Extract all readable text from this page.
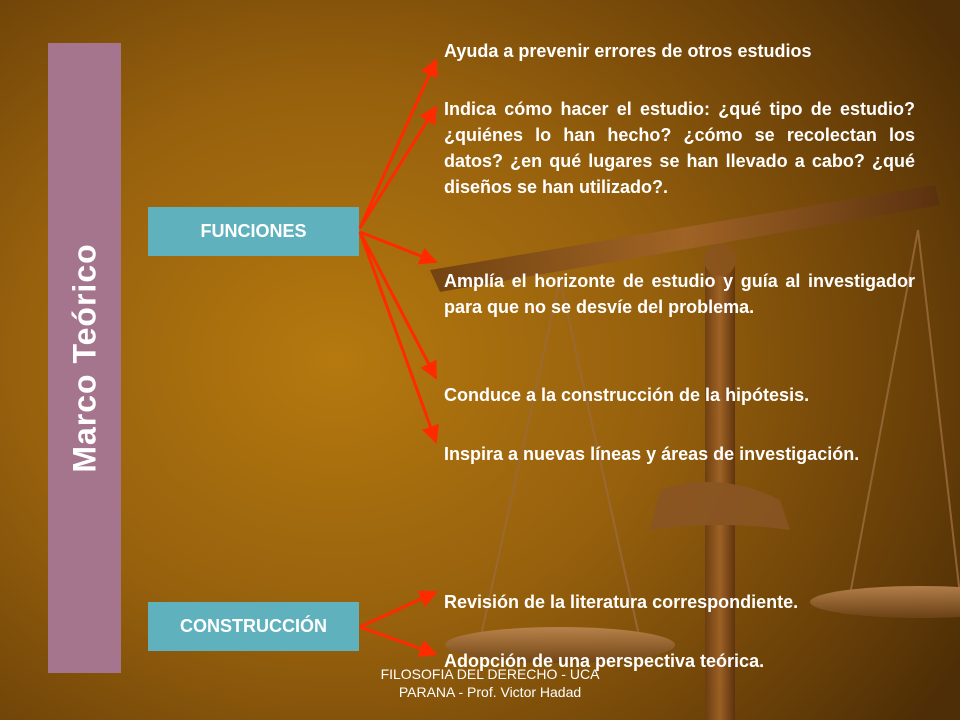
Marco Teórico
FUNCIONES
CONSTRUCCIÓN
Ayuda a prevenir errores de otros estudios
Indica cómo hacer el estudio: ¿qué tipo de estudio? ¿quiénes lo han hecho? ¿cómo se recolectan los datos? ¿en qué lugares se han llevado a cabo? ¿qué diseños se han utilizado?.
Amplía el horizonte de estudio y guía al investigador para que no se desvíe del problema.
Conduce a la construcción de la hipótesis.
Inspira a nuevas líneas y áreas de investigación.
Revisión de la literatura correspondiente.
Adopción de una perspectiva teórica.
FILOSOFIA DEL DERECHO - UCA
PARANA - Prof. Victor Hadad
